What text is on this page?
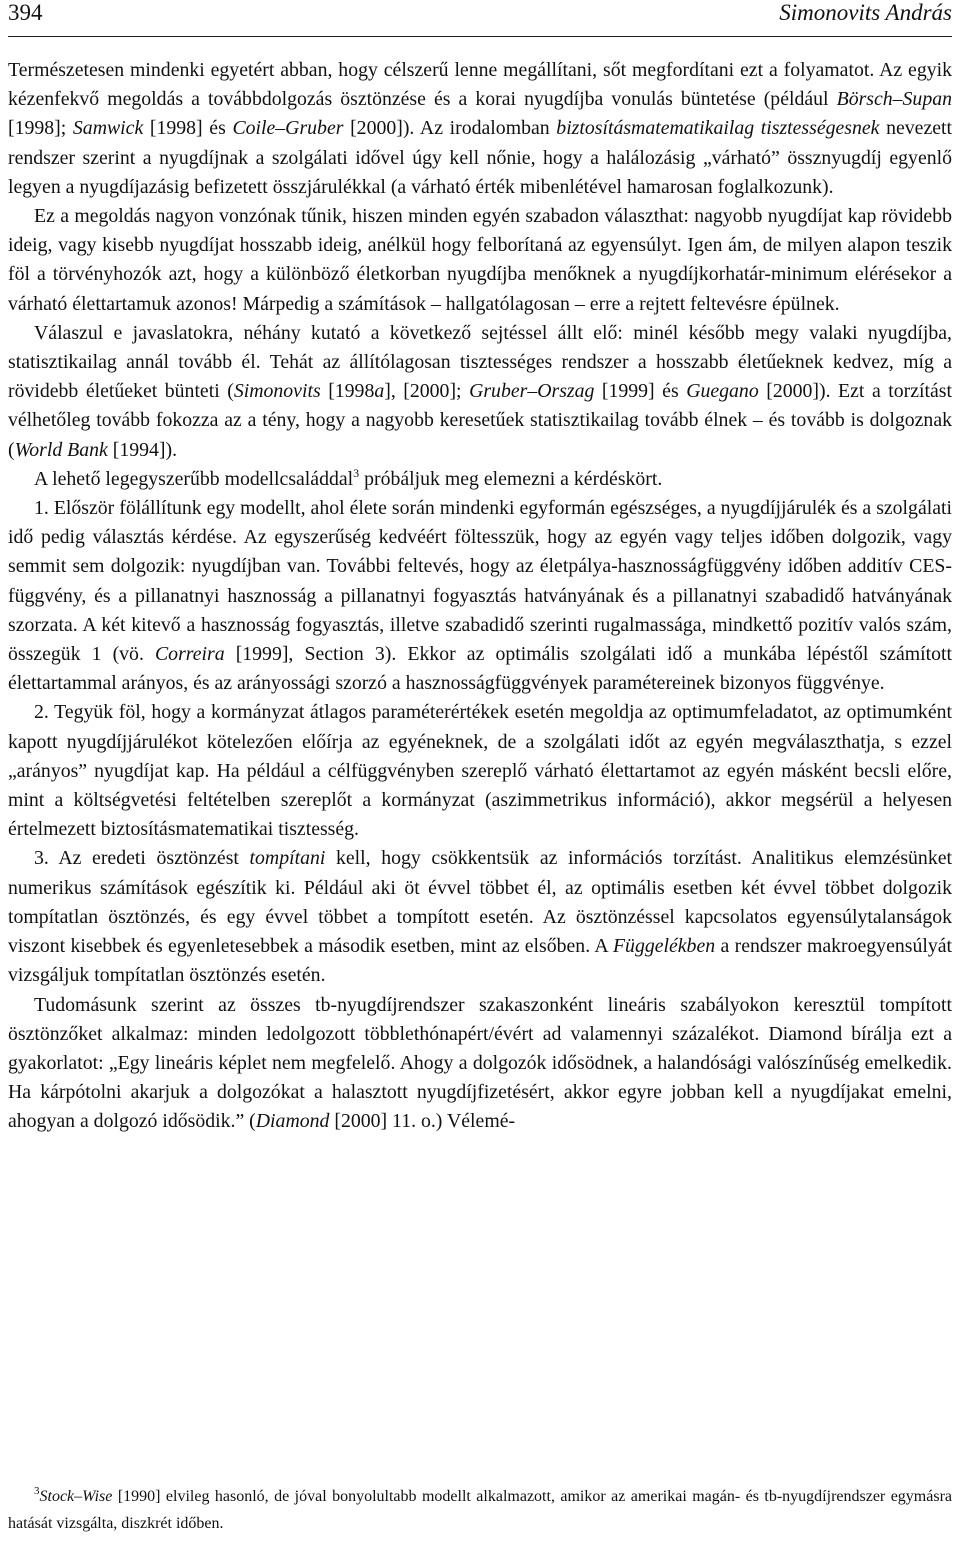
394	Simonovits András

Természetesen mindenki egyetért abban, hogy célszerű lenne megállítani, sőt megfordítani ezt a folyamatot. Az egyik kézenfekvő megoldás a továbbdolgozás ösztönzése és a korai nyugdíjba vonulás büntetése (például Börsch–Supan [1998]; Samwick [1998] és Coile–Gruber [2000]). Az irodalomban biztosításmatematikailag tisztességesnek nevezett rendszer szerint a nyugdíjnak a szolgálati idővel úgy kell nőnie, hogy a halálozásig „várható” össznyugdíj egyenlő legyen a nyugdíjazásig befizetett összjárulékkal (a várható érték mibenlétével hamarosan foglalkozunk).

Ez a megoldás nagyon vonzónak tűnik, hiszen minden egyén szabadon választhat: nagyobb nyugdíjat kap rövidebb ideig, vagy kisebb nyugdíjat hosszabb ideig, anélkül hogy felborítaná az egyensúlyt. Igen ám, de milyen alapon teszik föl a törvényhozók azt, hogy a különböző életkorban nyugdíjba menőknek a nyugdíjkorhatár-minimum elérésekor a várható élettartamuk azonos! Márpedig a számítások – hallgatólagosan – erre a rejtett feltevésre épülnek.

Válaszul e javaslatokra, néhány kutató a következő sejtéssel állt elő: minél később megy valaki nyugdíjba, statisztikailag annál tovább él. Tehát az állítólagosan tisztességes rendszer a hosszabb életűeknek kedvez, míg a rövidebb életűeket bünteti (Simonovits [1998a], [2000]; Gruber–Orszag [1999] és Guegano [2000]). Ezt a torzítást vélhetőleg tovább fokozza az a tény, hogy a nagyobb keresetűek statisztikailag tovább élnek – és tovább is dolgoznak (World Bank [1994]).

A lehető legegyszerűbb modellcsaláddal$^3$ próbáljuk meg elemezni a kérdéskört.

1. Először fölállítunk egy modellt, ahol élete során mindenki egyformán egészséges, a nyugdíjjárulék és a szolgálati idő pedig választás kérdése. Az egyszerűség kedvéért föltesszük, hogy az egyén vagy teljes időben dolgozik, vagy semmit sem dolgozik: nyugdíjban van. További feltevés, hogy az életpálya-hasznosságfüggvény időben additív CES-függvény, és a pillanatnyi hasznosság a pillanatnyi fogyasztás hatványának és a pillanatnyi szabadidő hatványának szorzata. A két kitevő a hasznosság fogyasztás, illetve szabadidő szerinti rugalmassága, mindkettő pozitív valós szám, összegük 1 (vö. Correira [1999], Section 3). Ekkor az optimális szolgálati idő a munkába lépéstől számított élettartammal arányos, és az arányossági szorzó a hasznosságfüggvények paramétereinek bizonyos függvénye.

2. Tegyük föl, hogy a kormányzat átlagos paraméterértékek esetén megoldja az optimumfeladatot, az optimumként kapott nyugdíjjárulékot kötelezően előírja az egyéneknek, de a szolgálati időt az egyén megválaszthatja, s ezzel „arányos” nyugdíjat kap. Ha például a célfüggvényben szereplő várható élettartamot az egyén másként becsli előre, mint a költségvetési feltételben szereplőt a kormányzat (aszimmetrikus információ), akkor megsérül a helyesen értelmezett biztosításmatematikai tisztesség.

3. Az eredeti ösztönzést tompítani kell, hogy csökkentsük az információs torzítást. Analitikus elemzésünket numerikus számítások egészítik ki. Például aki öt évvel többet él, az optimális esetben két évvel többet dolgozik tompítatlan ösztönzés, és egy évvel többet a tompított esetén. Az ösztönzéssel kapcsolatos egyensúlytalanságok viszont kisebbek és egyenletesebbek a második esetben, mint az elsőben. A Függelékben a rendszer makroegyensúlyát vizsgáljuk tompítatlan ösztönzés esetén.

Tudomásunk szerint az összes tb-nyugdíjrendszer szakaszonként lineáris szabályokon keresztül tompított ösztönzőket alkalmaz: minden ledolgozott többlethónapért/évért ad valamennyi százalékot. Diamond bírálja ezt a gyakorlatot: „Egy lineáris képlet nem megfelelő. Ahogy a dolgozók idősödnek, a halandósági valószínűség emelkedik. Ha kárpótolni akarjuk a dolgozókat a halasztott nyugdíjfizetésért, akkor egyre jobban kell a nyugdíjakat emelni, ahogyan a dolgozó idősödik.” (Diamond [2000] 11. o.) Vélemé-

$^3$Stock–Wise [1990] elvileg hasonló, de jóval bonyolultabb modellt alkalmazott, amikor az amerikai magán- és tb-nyugdíjrendszer egymásra hatását vizsgálta, diszkrét időben.
